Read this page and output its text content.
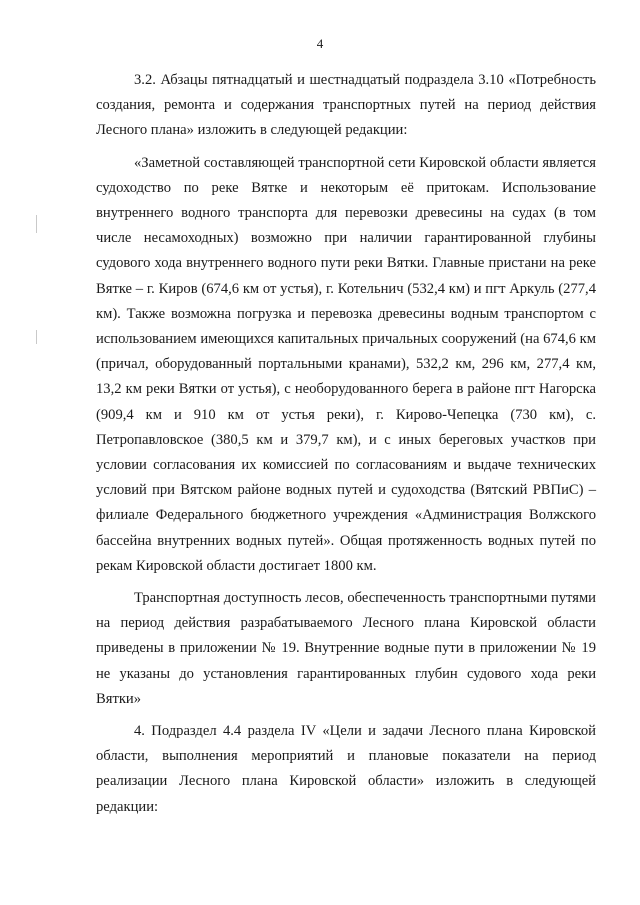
4

3.2. Абзацы пятнадцатый и шестнадцатый подраздела 3.10 «Потребность создания, ремонта и содержания транспортных путей на период действия Лесного плана» изложить в следующей редакции:

«Заметной составляющей транспортной сети Кировской области является судоходство по реке Вятке и некоторым её притокам. Использование внутреннего водного транспорта для перевозки древесины на судах (в том числе несамоходных) возможно при наличии гарантированной глубины судового хода внутреннего водного пути реки Вятки. Главные пристани на реке Вятке – г. Киров (674,6 км от устья), г. Котельнич (532,4 км) и пгт Аркуль (277,4 км). Также возможна погрузка и перевозка древесины водным транспортом с использованием имеющихся капитальных причальных сооружений (на 674,6 км (причал, оборудованный портальными кранами), 532,2 км, 296 км, 277,4 км, 13,2 км реки Вятки от устья), с необорудованного берега в районе пгт Нагорска (909,4 км и 910 км от устья реки), г. Кирово-Чепецка (730 км), с. Петропавловское (380,5 км и 379,7 км), и с иных береговых участков при условии согласования их комиссией по согласованиям и выдаче технических условий при Вятском районе водных путей и судоходства (Вятский РВПиС) – филиале Федерального бюджетного учреждения «Администрация Волжского бассейна внутренних водных путей». Общая протяженность водных путей по рекам Кировской области достигает 1800 км.

Транспортная доступность лесов, обеспеченность транспортными путями на период действия разрабатываемого Лесного плана Кировской области приведены в приложении № 19. Внутренние водные пути в приложении № 19 не указаны до установления гарантированных глубин судового хода реки Вятки»

4. Подраздел 4.4 раздела IV «Цели и задачи Лесного плана Кировской области, выполнения мероприятий и плановые показатели на период реализации Лесного плана Кировской области» изложить в следующей редакции:
